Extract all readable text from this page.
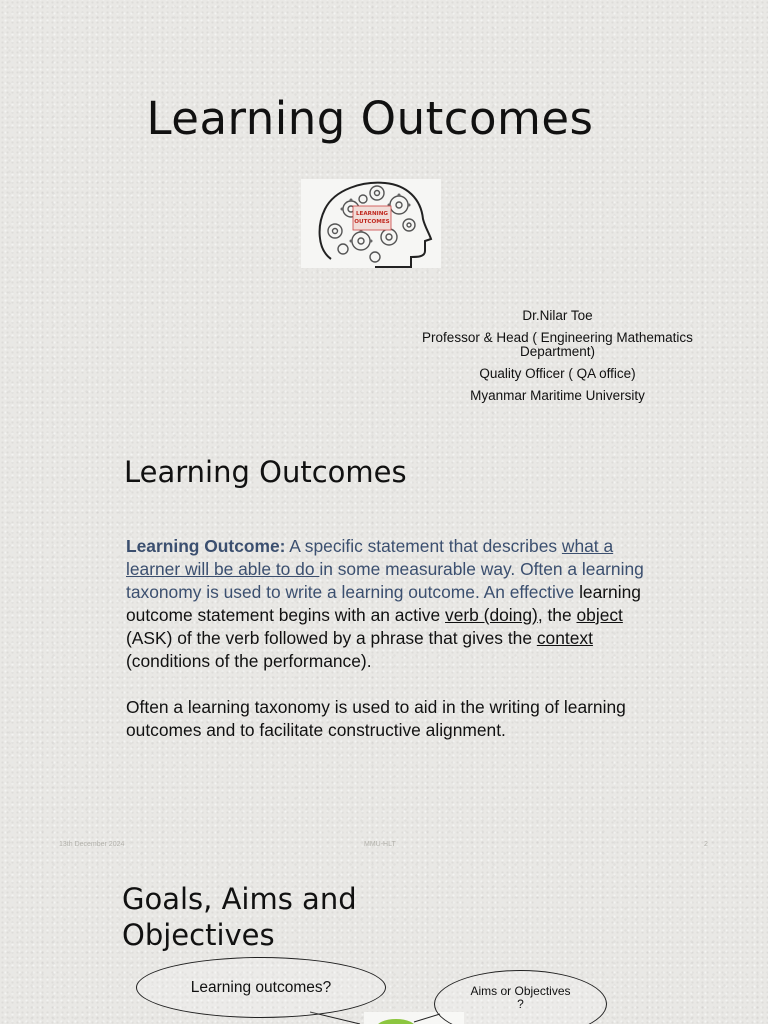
Learning Outcomes
LEARNING
OUTCOMES
Dr.Nilar Toe
Professor & Head ( Engineering Mathematics Department)
Quality Officer ( QA office)
Myanmar Maritime University
Learning Outcomes
Learning Outcome: A specific statement that describes what a learner will be able to do in some measurable way. Often a learning taxonomy is used to write a learning outcome. An effective learning outcome statement begins with an active verb (doing), the object (ASK) of the verb followed by a phrase that gives the context (conditions of the performance).
Often a learning taxonomy is used to aid in the writing of learning outcomes and to facilitate constructive alignment.
13th December 2024	MMU-HLT	2
Goals, Aims and Objectives
Learning outcomes?	Aims or Objectives ?
